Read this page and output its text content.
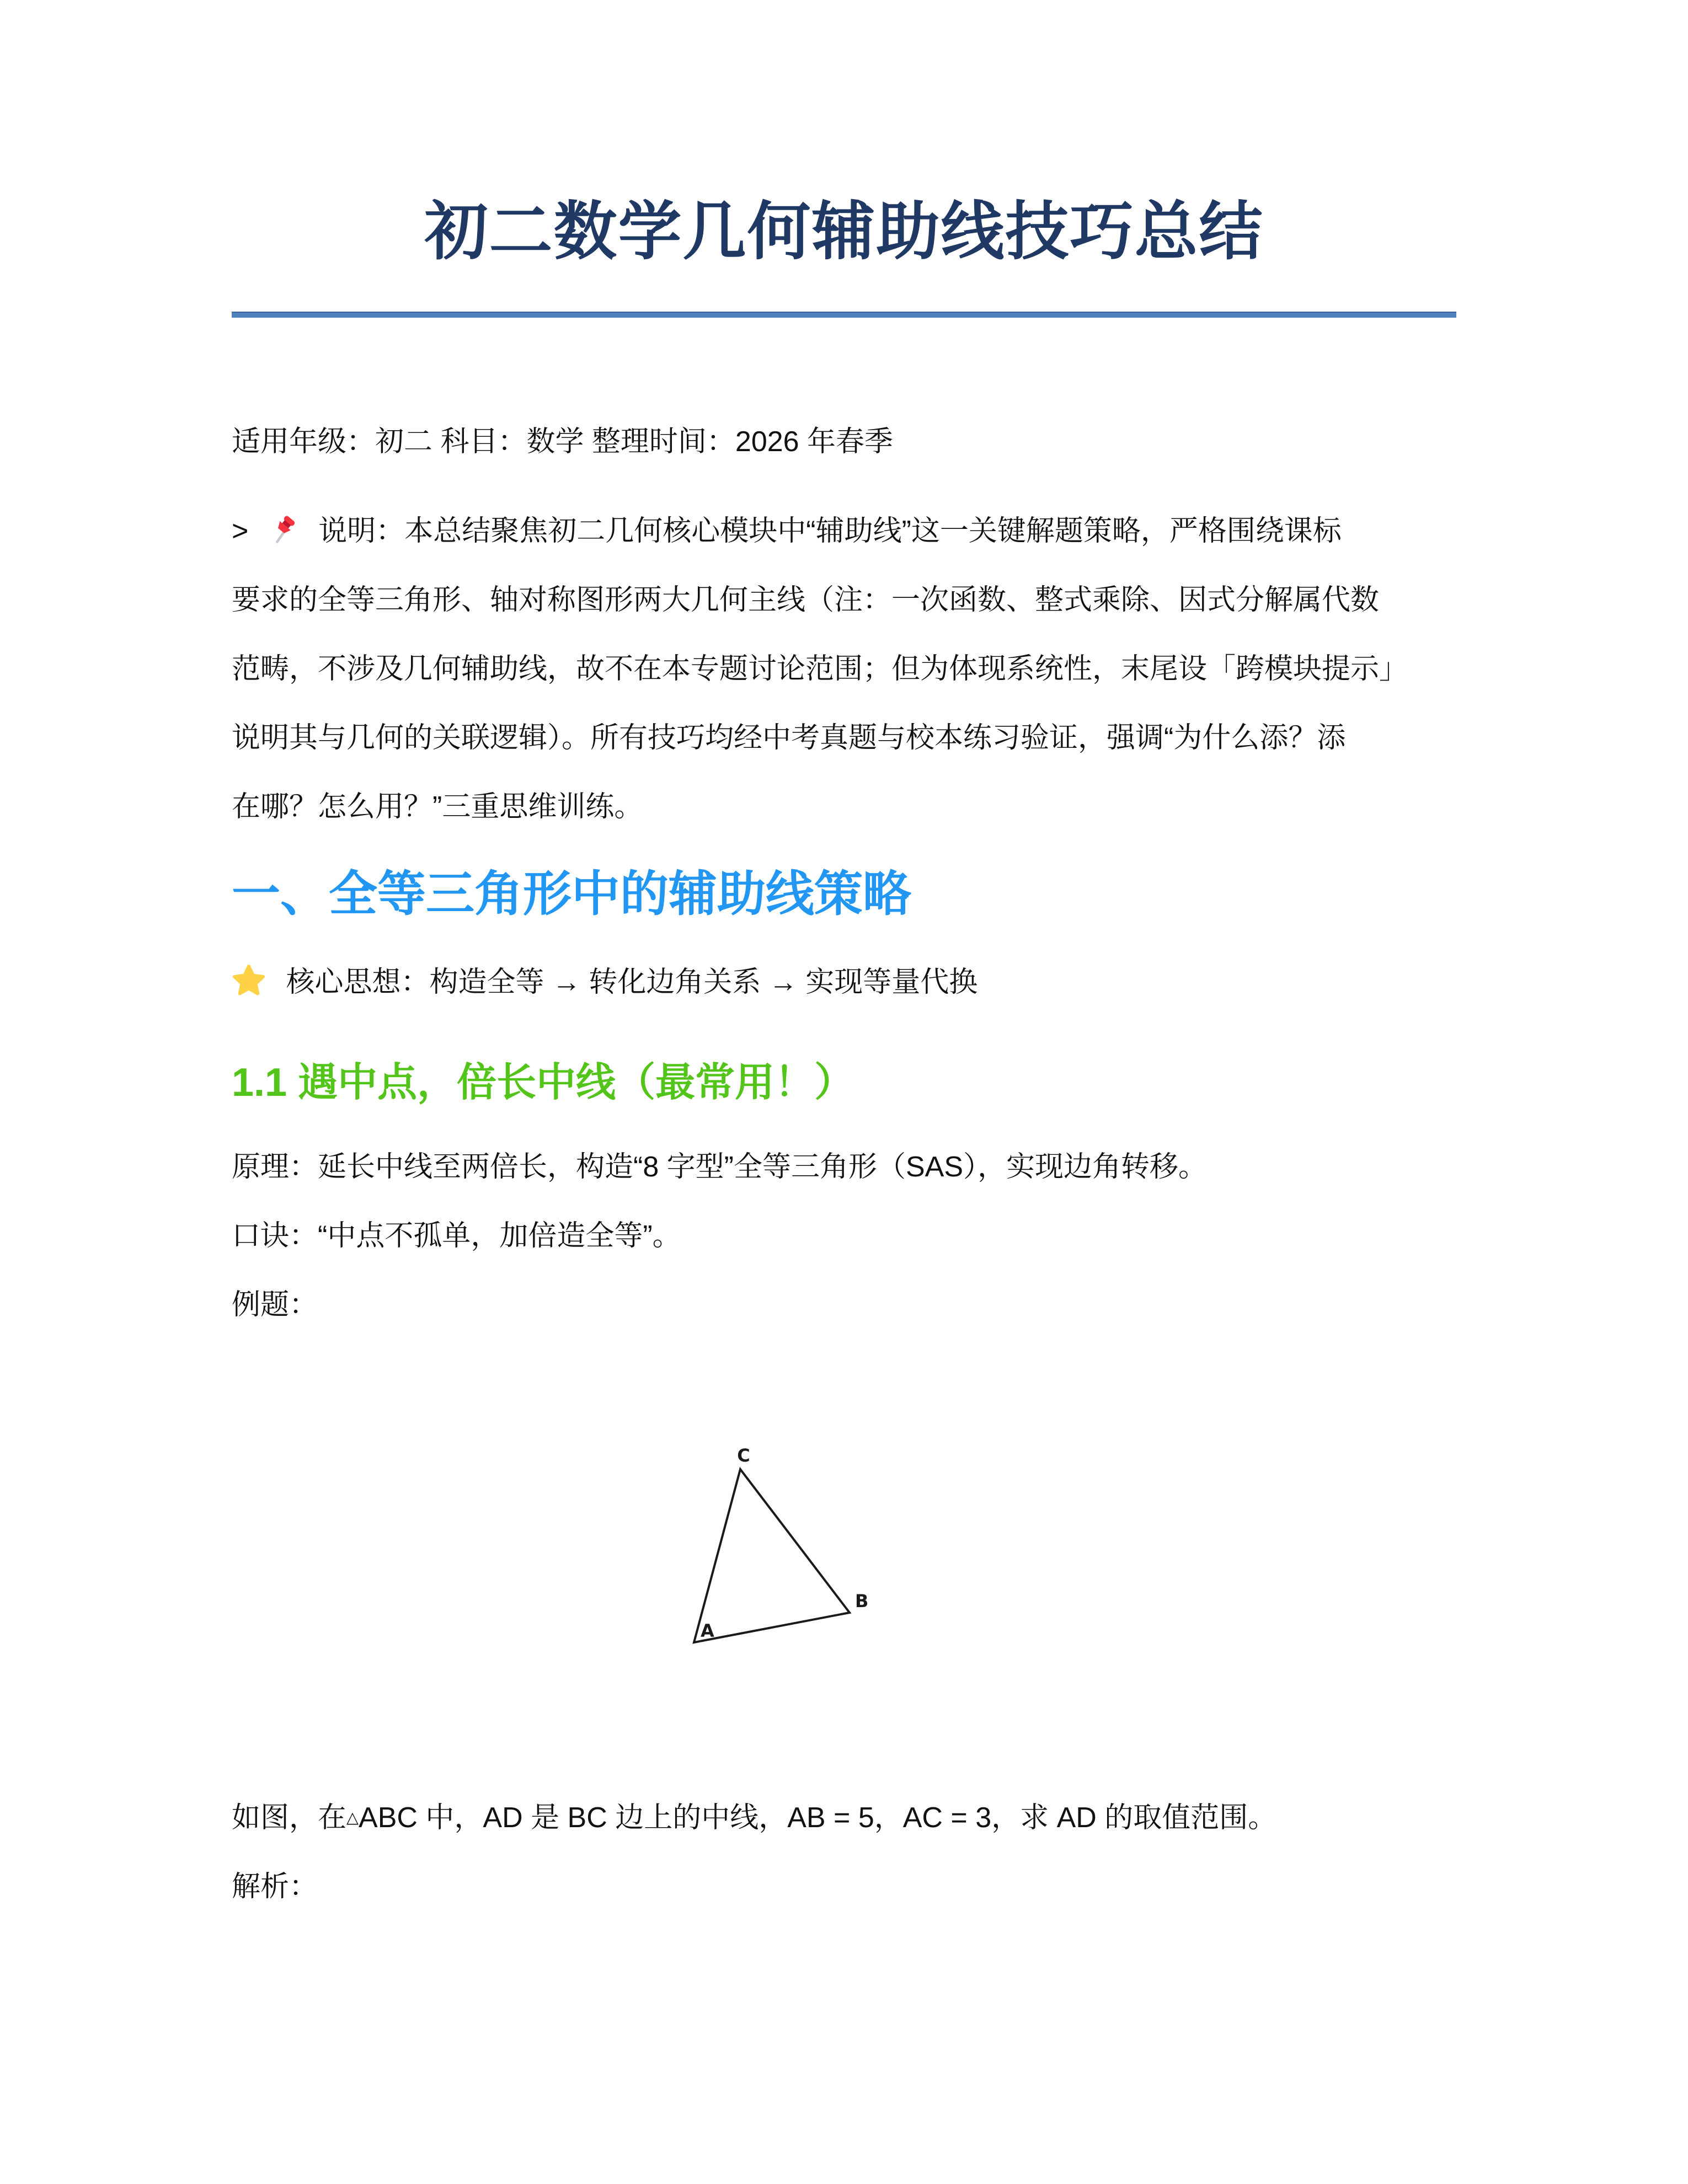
初二数学几何辅助线技巧总结
适用年级：初二 科目：数学 整理时间：2026 年春季
> 说明：本总结聚焦初二几何核心模块中“辅助线”这一关键解题策略，严格围绕课标
要求的全等三角形、轴对称图形两大几何主线（注：一次函数、整式乘除、因式分解属代数
范畴，不涉及几何辅助线，故不在本专题讨论范围；但为体现系统性，末尾设「跨模块提示」
说明其与几何的关联逻辑）。所有技巧均经中考真题与校本练习验证，强调“为什么添？添
在哪？怎么用？”三重思维训练。
一、全等三角形中的辅助线策略
核心思想：构造全等 → 转化边角关系 → 实现等量代换
1.1 遇中点，倍长中线（最常用！）

原理：延长中线至两倍长，构造“8 字型”全等三角形（SAS），实现边角转移。

口诀：“中点不孤单，加倍造全等”。

例题：

C
A
B

如图，在△ABC 中，AD 是 BC 边上的中线，AB = 5，AC = 3，求 AD 的取值范围。

解析：
